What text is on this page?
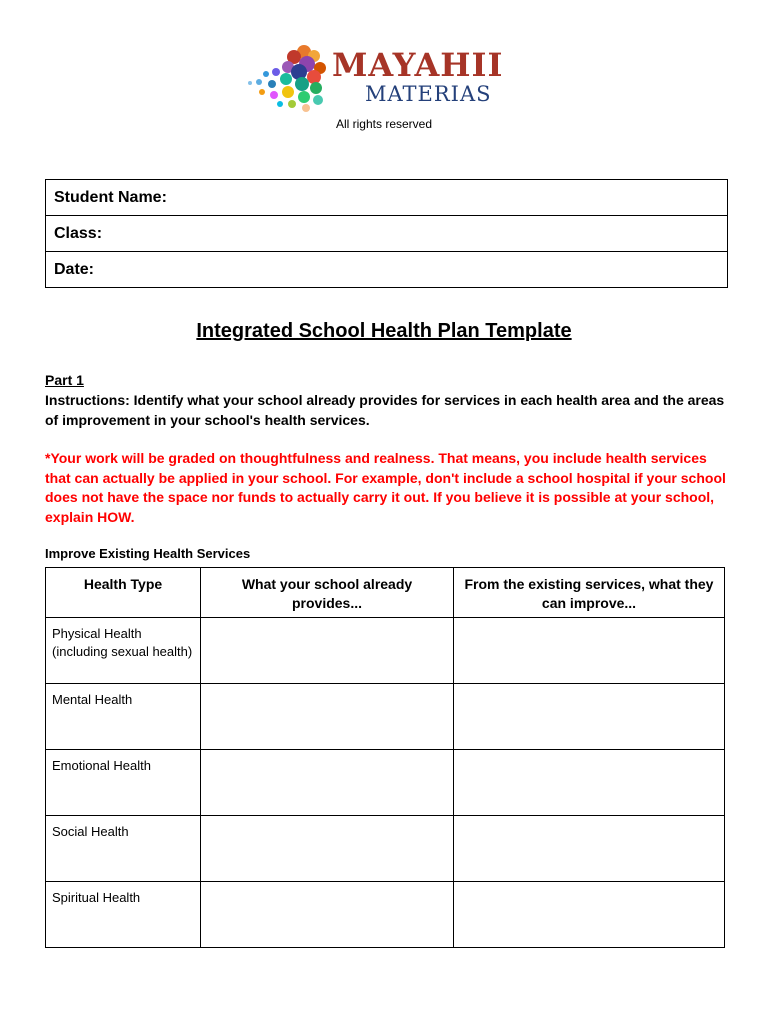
MAYAHII
MATERIAS
All rights reserved
Student Name:
Class:
Date:
Integrated School Health Plan Template
Part 1
Instructions: Identify what your school already provides for services in each health area and the areas of improvement in your school's health services.
*Your work will be graded on thoughtfulness and realness. That means, you include health services that can actually be applied in your school. For example, don't include a school hospital if your school does not have the space nor funds to actually carry it out. If you believe it is possible at your school, explain HOW.
Improve Existing Health Services
Health Type	What your school already provides...	From the existing services, what they can improve...
Physical Health (including sexual health)		
Mental Health		
Emotional Health		
Social Health		
Spiritual Health		
